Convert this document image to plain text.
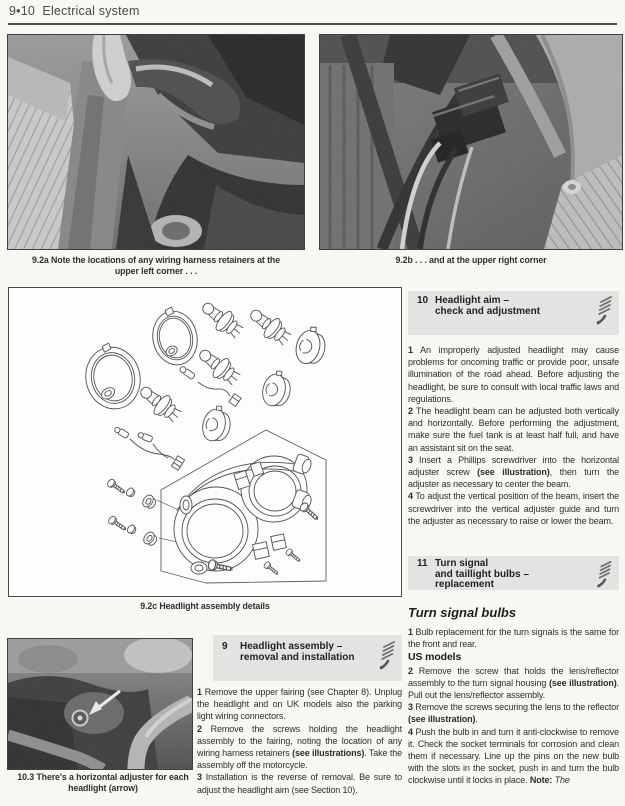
9•10 Electrical system
9.2a Note the locations of any wiring harness retainers at the
upper left corner . . .
9.2b . . . and at the upper right corner
9.2c Headlight assembly details
10 Headlight aim –
check and adjustment

1 An improperly adjusted headlight may cause problems for oncoming traffic or provide poor, unsafe illumination of the road ahead. Before adjusting the headlight, be sure to consult with local traffic laws and regulations.

2 The headlight beam can be adjusted both vertically and horizontally. Before performing the adjustment, make sure the fuel tank is at least half full, and have an assistant sit on the seat.

3 Insert a Phillips screwdriver into the horizontal adjuster screw (see illustration), then turn the adjuster as necessary to center the beam.

4 To adjust the vertical position of the beam, insert the screwdriver into the vertical adjuster guide and turn the adjuster as necessary to raise or lower the beam.

11 Turn signal
and taillight bulbs –
replacement
Turn signal bulbs

1 Bulb replacement for the turn signals is the same for the front and rear.

US models

2 Remove the screw that holds the lens/reflector assembly to the turn signal housing (see illustration). Pull out the lens/reflector assembly.

3 Remove the screws securing the lens to the reflector (see illustration).

4 Push the bulb in and turn it anti-clockwise to remove it. Check the socket terminals for corrosion and clean them if necessary. Line up the pins on the new bulb with the slots in the socket, push in and turn the bulb clockwise until it locks in place. Note: The

10.3 There's a horizontal adjuster for each
headlight (arrow)
9	Headlight assembly –
removal and installation

1 Remove the upper fairing (see Chapter 8). Unplug the headlight and on UK models also the parking light wiring connectors.

2 Remove the screws holding the headlight assembly to the fairing, noting the location of any wiring harness retainers (see illustrations). Take the assembly off the motorcycle.

3 Installation is the reverse of removal. Be sure to adjust the headlight aim (see Section 10).
